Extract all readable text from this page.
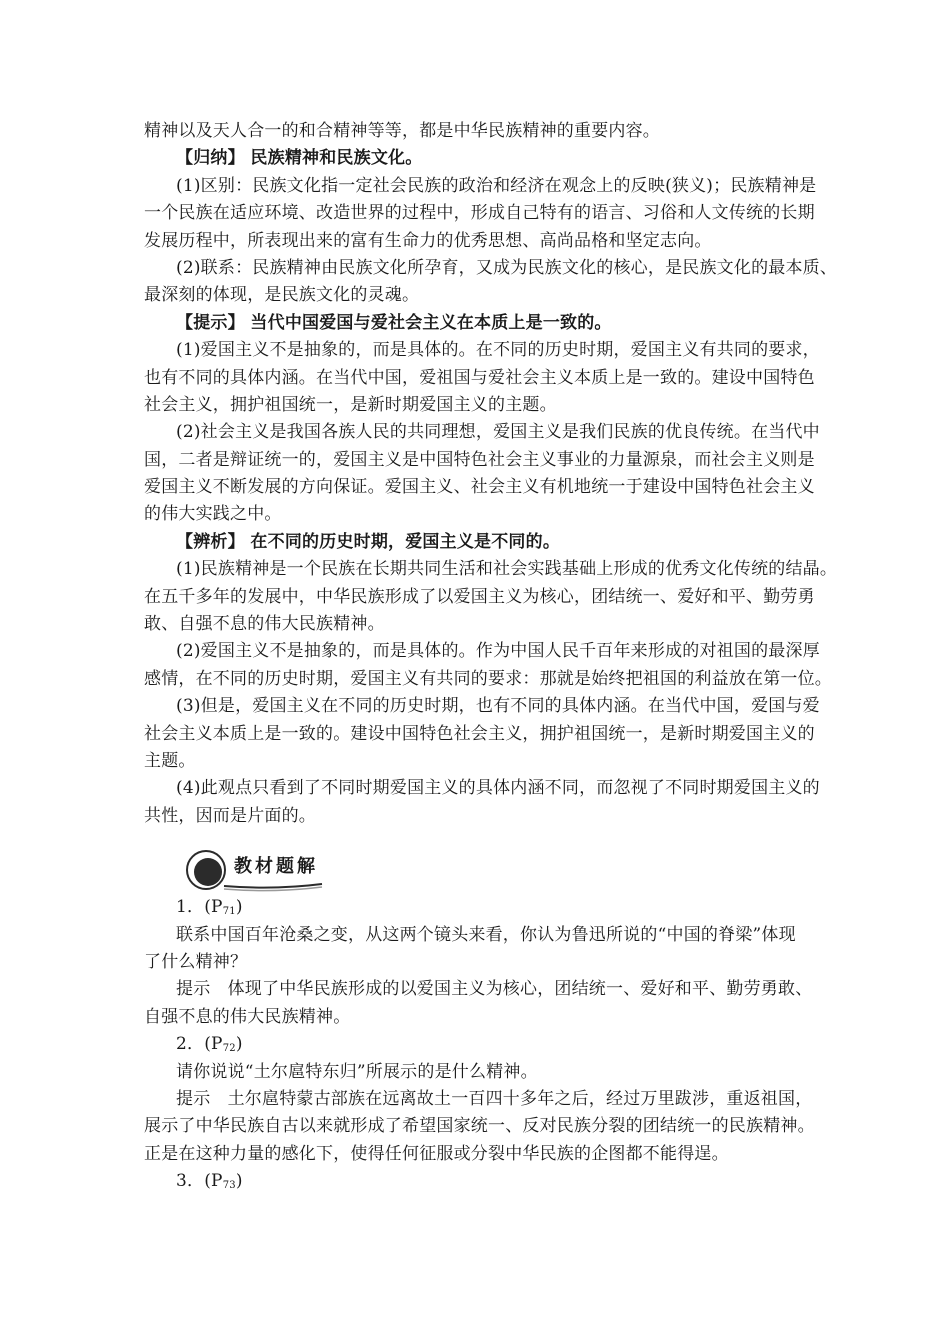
精神以及天人合一的和合精神等等，都是中华民族精神的重要内容。
【归纳】 民族精神和民族文化。
(1)区别：民族文化指一定社会民族的政治和经济在观念上的反映(狭义)；民族精神是
一个民族在适应环境、改造世界的过程中，形成自己特有的语言、习俗和人文传统的长期
发展历程中，所表现出来的富有生命力的优秀思想、高尚品格和坚定志向。
(2)联系：民族精神由民族文化所孕育，又成为民族文化的核心，是民族文化的最本质、
最深刻的体现，是民族文化的灵魂。
【提示】 当代中国爱国与爱社会主义在本质上是一致的。
(1)爱国主义不是抽象的，而是具体的。在不同的历史时期，爱国主义有共同的要求，
也有不同的具体内涵。在当代中国，爱祖国与爱社会主义本质上是一致的。建设中国特色
社会主义，拥护祖国统一，是新时期爱国主义的主题。
(2)社会主义是我国各族人民的共同理想，爱国主义是我们民族的优良传统。在当代中
国，二者是辩证统一的，爱国主义是中国特色社会主义事业的力量源泉，而社会主义则是
爱国主义不断发展的方向保证。爱国主义、社会主义有机地统一于建设中国特色社会主义
的伟大实践之中。
【辨析】 在不同的历史时期，爱国主义是不同的。
(1)民族精神是一个民族在长期共同生活和社会实践基础上形成的优秀文化传统的结晶。
在五千多年的发展中，中华民族形成了以爱国主义为核心，团结统一、爱好和平、勤劳勇
敢、自强不息的伟大民族精神。
(2)爱国主义不是抽象的，而是具体的。作为中国人民千百年来形成的对祖国的最深厚
感情，在不同的历史时期，爱国主义有共同的要求：那就是始终把祖国的利益放在第一位。
(3)但是，爱国主义在不同的历史时期，也有不同的具体内涵。在当代中国，爱国与爱
社会主义本质上是一致的。建设中国特色社会主义，拥护祖国统一，是新时期爱国主义的
主题。
(4)此观点只看到了不同时期爱国主义的具体内涵不同，而忽视了不同时期爱国主义的
共性，因而是片面的。
教材题解
1．$(P_{71})$
联系中国百年沧桑之变，从这两个镜头来看，你认为鲁迅所说的“中国的脊梁”体现
了什么精神？
提示　体现了中华民族形成的以爱国主义为核心，团结统一、爱好和平、勤劳勇敢、
自强不息的伟大民族精神。
2．$(P_{72})$
请你说说“土尔扈特东归”所展示的是什么精神。
提示　土尔扈特蒙古部族在远离故土一百四十多年之后，经过万里跋涉，重返祖国，
展示了中华民族自古以来就形成了希望国家统一、反对民族分裂的团结统一的民族精神。
正是在这种力量的感化下，使得任何征服或分裂中华民族的企图都不能得逞。
3．$(P_{73})$
